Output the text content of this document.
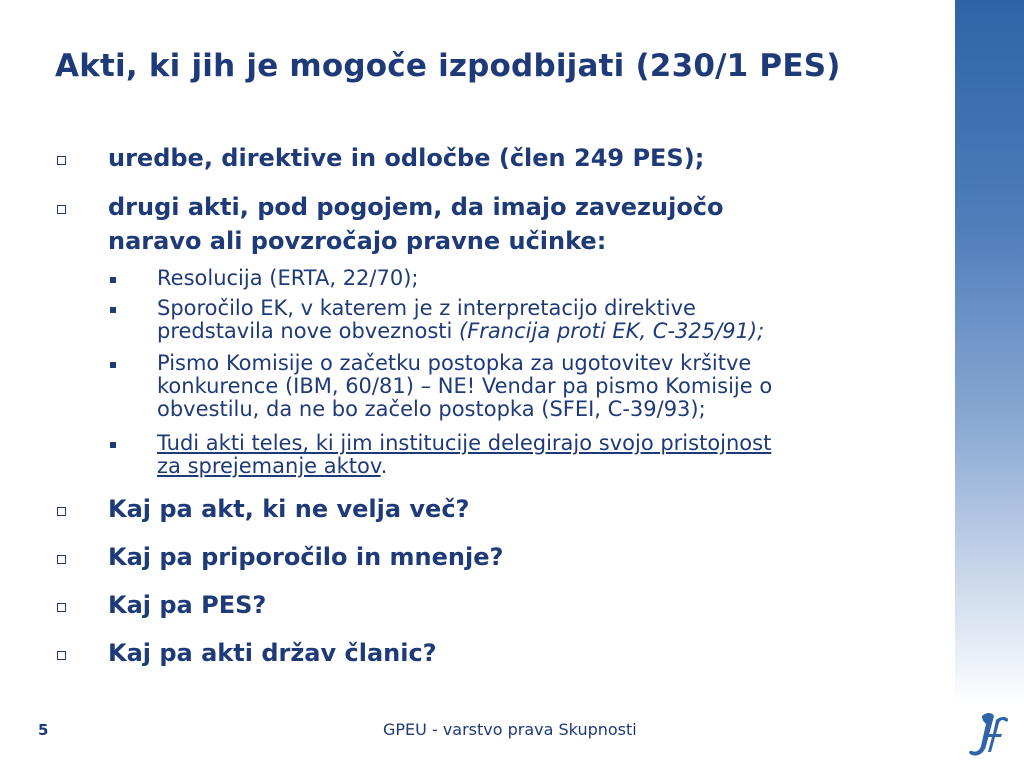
Akti, ki jih je mogoče izpodbijati (230/1 PES)
uredbe, direktive in odločbe (člen 249 PES);
drugi akti, pod pogojem, da imajo zavezujočo
naravo ali povzročajo pravne učinke:
Resolucija (ERTA, 22/70);
Sporočilo EK, v katerem je z interpretacijo direktive
predstavila nove obveznosti (Francija proti EK, C-325/91);
Pismo Komisije o začetku postopka za ugotovitev kršitve
konkurence (IBM, 60/81) – NE! Vendar pa pismo Komisije o
obvestilu, da ne bo začelo postopka (SFEI, C-39/93);
Tudi akti teles, ki jim institucije delegirajo svojo pristojnost
za sprejemanje aktov.
Kaj pa akt, ki ne velja več?
Kaj pa priporočilo in mnenje?
Kaj pa PES?
Kaj pa akti držav članic?
5	GPEU - varstvo prava Skupnosti
